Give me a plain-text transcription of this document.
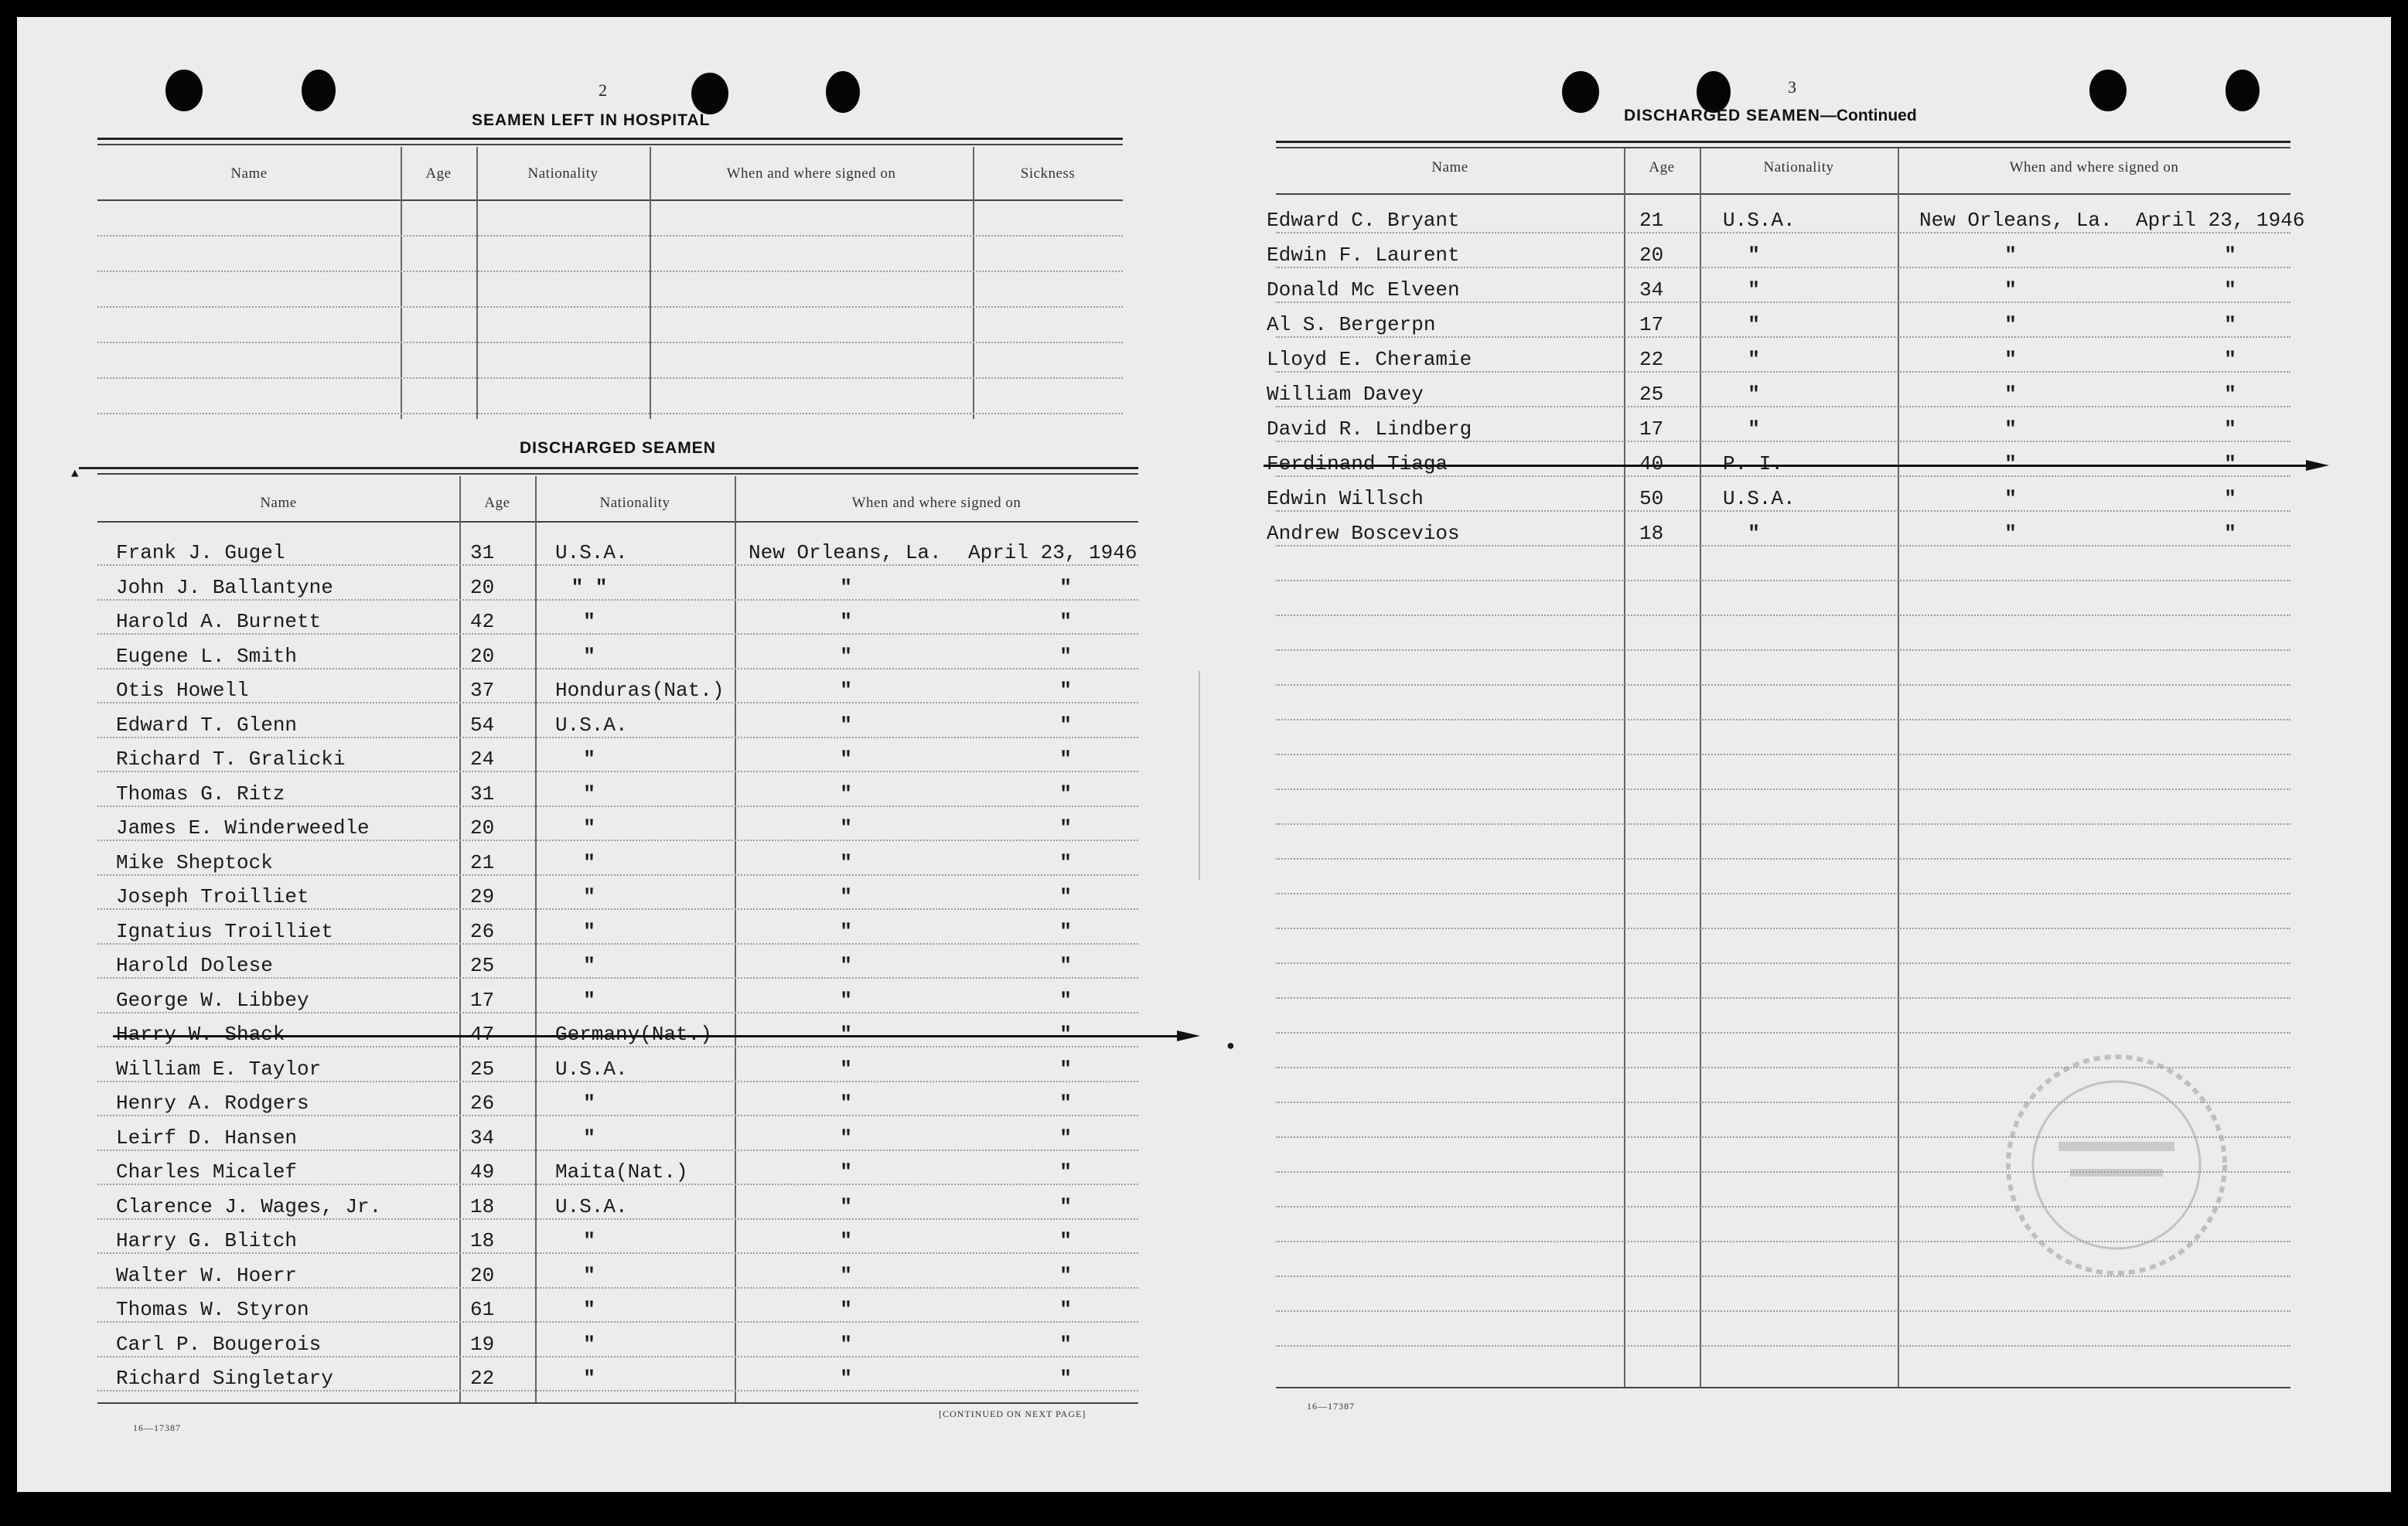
2
SEAMEN LEFT IN HOSPITAL
DISCHARGED SEAMEN
16—17387
[CONTINUED ON NEXT PAGE]
▲
●
3
DISCHARGED SEAMEN—Continued
16—17387
Name	Age	Nationality	When and where signed on	Sickness
Name	Age	Nationality	When and where signed on
Frank J. Gugel	31	U.S.A.	New Orleans, La. April 23, 1946
John J. Ballantyne	20	" "	"	"
Harold A. Burnett	42	"	"	"
Eugene L. Smith	20	"	"	"
Otis Howell	37	Honduras(Nat.)	"	"
Edward T. Glenn	54	U.S.A.	"	"
Richard T. Gralicki	24	"	"	"
Thomas G. Ritz	31	"	"	"
James E. Winderweedle	20	"	"	"
Mike Sheptock	21	"	"	"
Joseph Troilliet	29	"	"	"
Ignatius Troilliet	26	"	"	"
Harold Dolese	25	"	"	"
George W. Libbey	17	"	"	"
Harry W. Shack	47	Germany(Nat.)	"	"
William E. Taylor	25	U.S.A.	"	"
Henry A. Rodgers	26	"	"	"
Leirf D. Hansen	34	"	"	"
Charles Micalef	49	Maita(Nat.)	"	"
Clarence J. Wages, Jr.	18	U.S.A.	"	"
Harry G. Blitch	18	"	"	"
Walter W. Hoerr	20	"	"	"
Thomas W. Styron	61	"	"	"
Carl P. Bougerois	19	"	"	"
Richard Singletary	22	"	"	"
Name	Age	Nationality	When and where signed on
Edward C. Bryant	21	U.S.A.	New Orleans, La. April 23, 1946
Edwin F. Laurent	20	"	"	"
Donald Mc Elveen	34	"	"	"
Al S. Bergerpn	17	"	"	"
Lloyd E. Cheramie	22	"	"	"
William Davey	25	"	"	"
David R. Lindberg	17	"	"	"
Ferdinand Tiaga	40	P. I.	"	"
Edwin Willsch	50	U.S.A.	"	"
Andrew Boscevios	18	"	"	"
